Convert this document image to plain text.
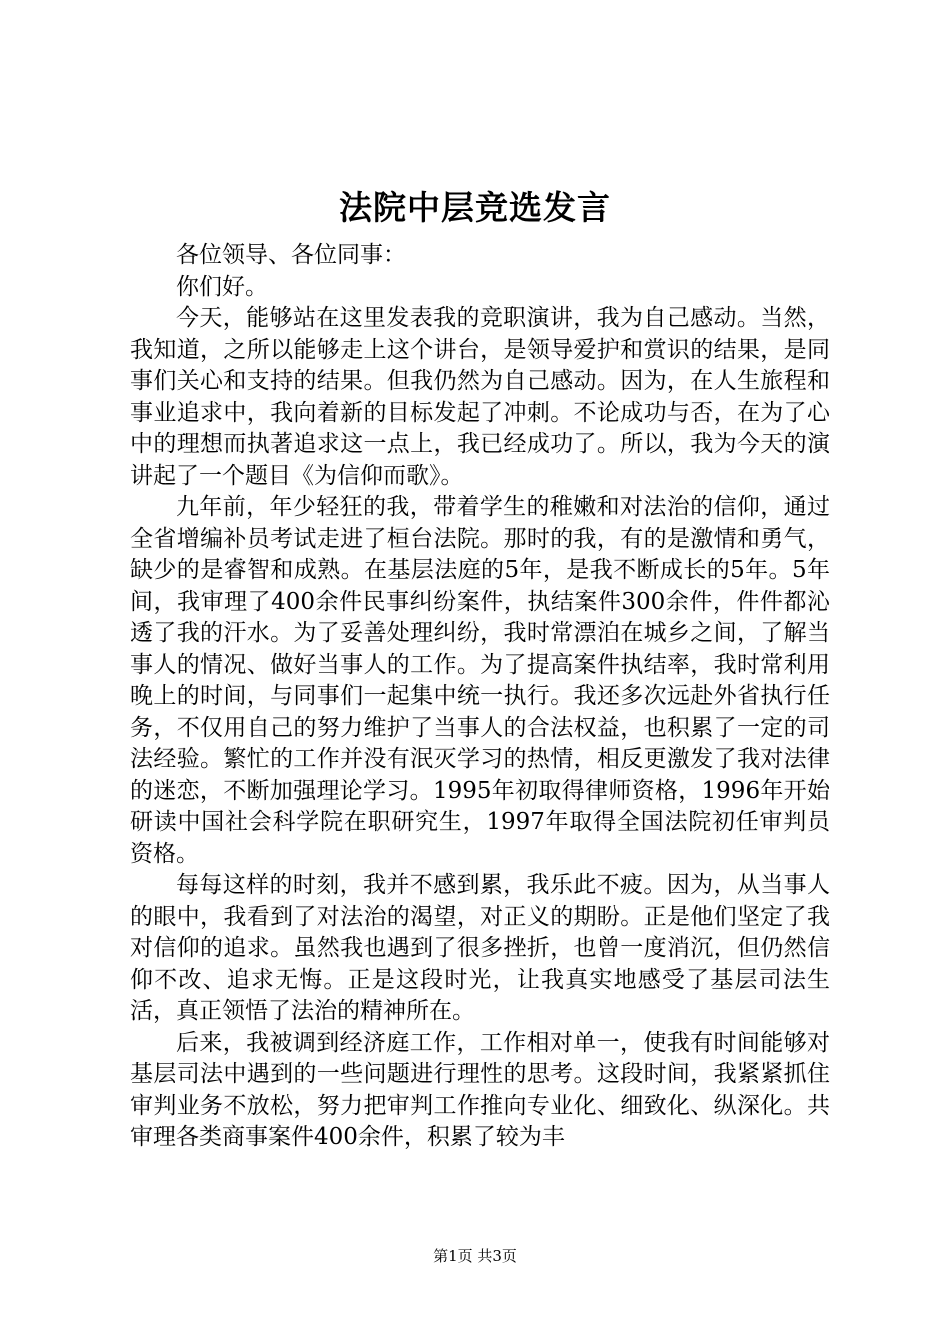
法院中层竞选发言

各位领导、各位同事：

你们好。

今天，能够站在这里发表我的竞职演讲，我为自己感动。当然，我知道，之所以能够走上这个讲台，是领导爱护和赏识的结果，是同事们关心和支持的结果。但我仍然为自己感动。因为，在人生旅程和事业追求中，我向着新的目标发起了冲刺。不论成功与否，在为了心中的理想而执著追求这一点上，我已经成功了。所以，我为今天的演讲起了一个题目《为信仰而歌》。

九年前，年少轻狂的我，带着学生的稚嫩和对法治的信仰，通过全省增编补员考试走进了桓台法院。那时的我，有的是激情和勇气，缺少的是睿智和成熟。在基层法庭的5年，是我不断成长的5年。5年间，我审理了400余件民事纠纷案件，执结案件300余件，件件都沁透了我的汗水。为了妥善处理纠纷，我时常漂泊在城乡之间，了解当事人的情况、做好当事人的工作。为了提高案件执结率，我时常利用晚上的时间，与同事们一起集中统一执行。我还多次远赴外省执行任务，不仅用自己的努力维护了当事人的合法权益，也积累了一定的司法经验。繁忙的工作并没有泯灭学习的热情，相反更激发了我对法律的迷恋，不断加强理论学习。1995年初取得律师资格，1996年开始研读中国社会科学院在职研究生，1997年取得全国法院初任审判员资格。

每每这样的时刻，我并不感到累，我乐此不疲。因为，从当事人的眼中，我看到了对法治的渴望，对正义的期盼。正是他们坚定了我对信仰的追求。虽然我也遇到了很多挫折，也曾一度消沉，但仍然信仰不改、追求无悔。正是这段时光，让我真实地感受了基层司法生活，真正领悟了法治的精神所在。

后来，我被调到经济庭工作，工作相对单一，使我有时间能够对基层司法中遇到的一些问题进行理性的思考。这段时间，我紧紧抓住审判业务不放松，努力把审判工作推向专业化、细致化、纵深化。共审理各类商事案件400余件，积累了较为丰

第1页 共3页
